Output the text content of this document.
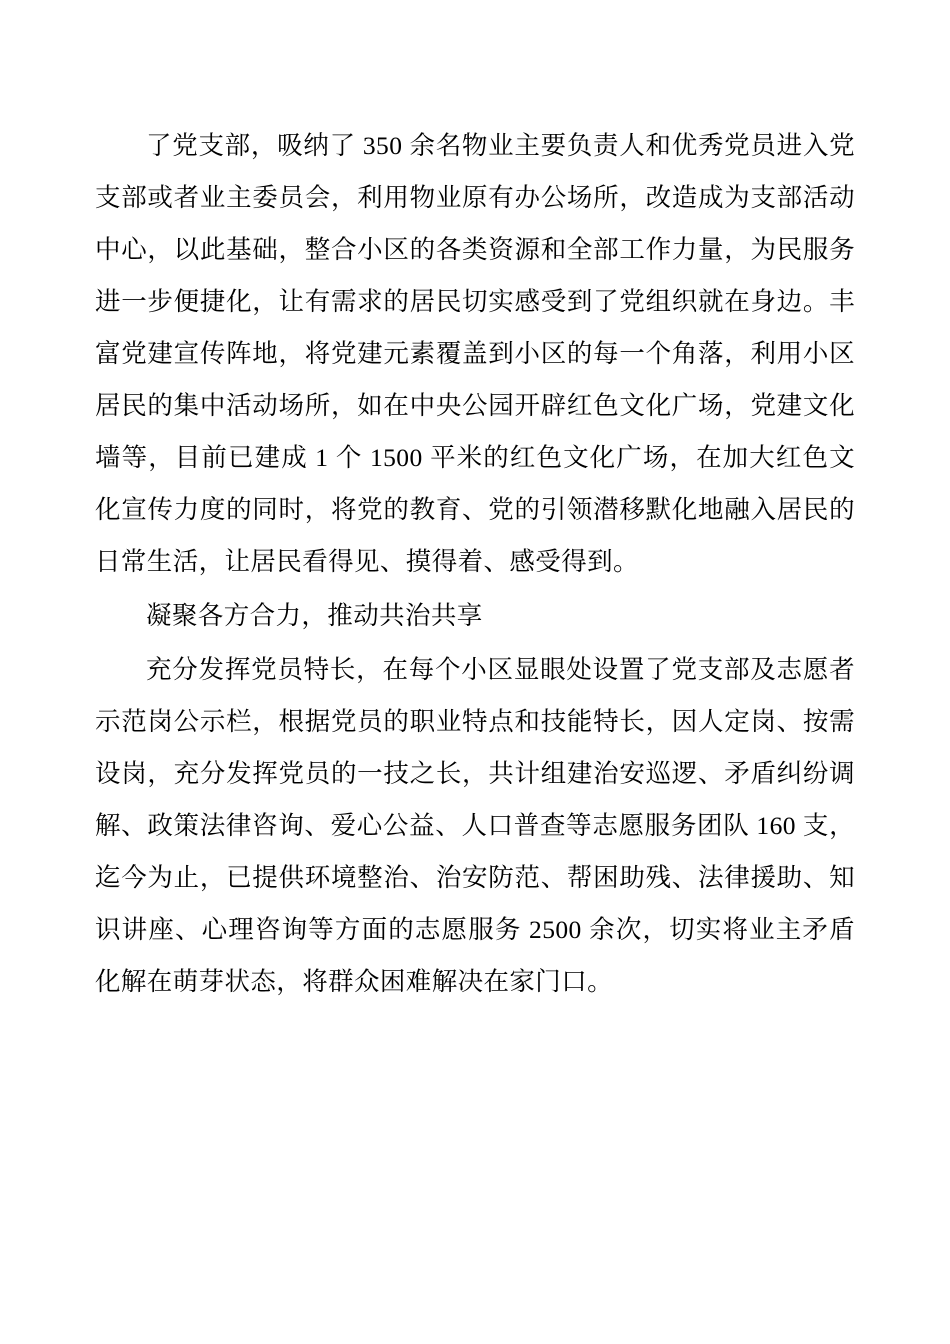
了党支部，吸纳了 350 余名物业主要负责人和优秀党员进入党支部或者业主委员会，利用物业原有办公场所，改造成为支部活动中心，以此基础，整合小区的各类资源和全部工作力量，为民服务进一步便捷化，让有需求的居民切实感受到了党组织就在身边。丰富党建宣传阵地，将党建元素覆盖到小区的每一个角落，利用小区居民的集中活动场所，如在中央公园开辟红色文化广场，党建文化墙等，目前已建成 1 个 1500 平米的红色文化广场，在加大红色文化宣传力度的同时，将党的教育、党的引领潜移默化地融入居民的日常生活，让居民看得见、摸得着、感受得到。

凝聚各方合力，推动共治共享

充分发挥党员特长，在每个小区显眼处设置了党支部及志愿者示范岗公示栏，根据党员的职业特点和技能特长，因人定岗、按需设岗，充分发挥党员的一技之长，共计组建治安巡逻、矛盾纠纷调解、政策法律咨询、爱心公益、人口普查等志愿服务团队 160 支，迄今为止，已提供环境整治、治安防范、帮困助残、法律援助、知识讲座、心理咨询等方面的志愿服务 2500 余次，切实将业主矛盾化解在萌芽状态，将群众困难解决在家门口。
